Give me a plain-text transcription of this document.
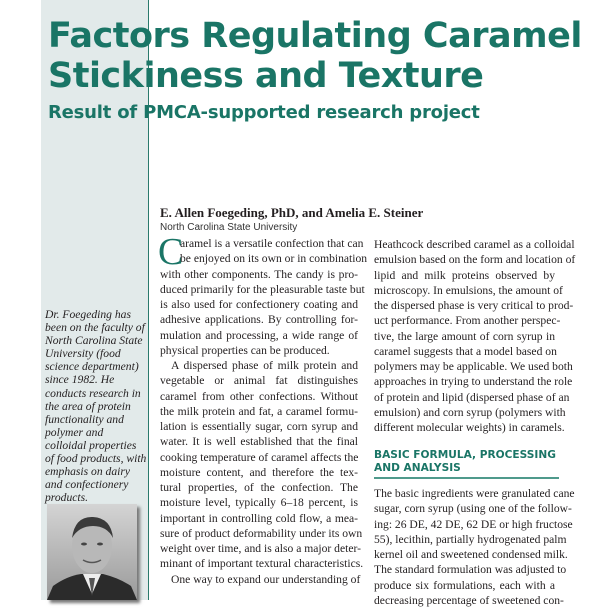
Factors Regulating Caramel
Stickiness and Texture
Result of PMCA-supported research project
E. Allen Foegeding, PhD, and Amelia E. Steiner
North Carolina State University
Dr. Foegeding has been on the faculty of North Carolina State University (food science department) since 1982. He conducts research in the area of protein functionality and polymer and colloidal properties of food products, with emphasis on dairy and confectionery products.
C
aramel is a versatile confection that can
be enjoyed on its own or in combination
with other components. The candy is pro-
duced primarily for the pleasurable taste but
is also used for confectionery coating and
adhesive applications. By controlling for-
mulation and processing, a wide range of
physical properties can be produced.
A dispersed phase of milk protein and
vegetable or animal fat distinguishes
caramel from other confections. Without
the milk protein and fat, a caramel formu-
lation is essentially sugar, corn syrup and
water. It is well established that the final
cooking temperature of caramel affects the
moisture content, and therefore the tex-
tural properties, of the confection. The
moisture level, typically 6–18 percent, is
important in controlling cold flow, a mea-
sure of product deformability under its own
weight over time, and is also a major deter-
minant of important textural characteristics.
One way to expand our understanding of
Heathcock described caramel as a colloidal
emulsion based on the form and location of
lipid and milk proteins observed by
microscopy. In emulsions, the amount of
the dispersed phase is very critical to prod-
uct performance. From another perspec-
tive, the large amount of corn syrup in
caramel suggests that a model based on
polymers may be applicable. We used both
approaches in trying to understand the role
of protein and lipid (dispersed phase of an
emulsion) and corn syrup (polymers with
different molecular weights) in caramels.
BASIC FORMULA, PROCESSING AND ANALYSIS
The basic ingredients were granulated cane
sugar, corn syrup (using one of the follow-
ing: 26 DE, 42 DE, 62 DE or high fructose
55), lecithin, partially hydrogenated palm
kernel oil and sweetened condensed milk.
The standard formulation was adjusted to
produce six formulations, each with a
decreasing percentage of sweetened con-
